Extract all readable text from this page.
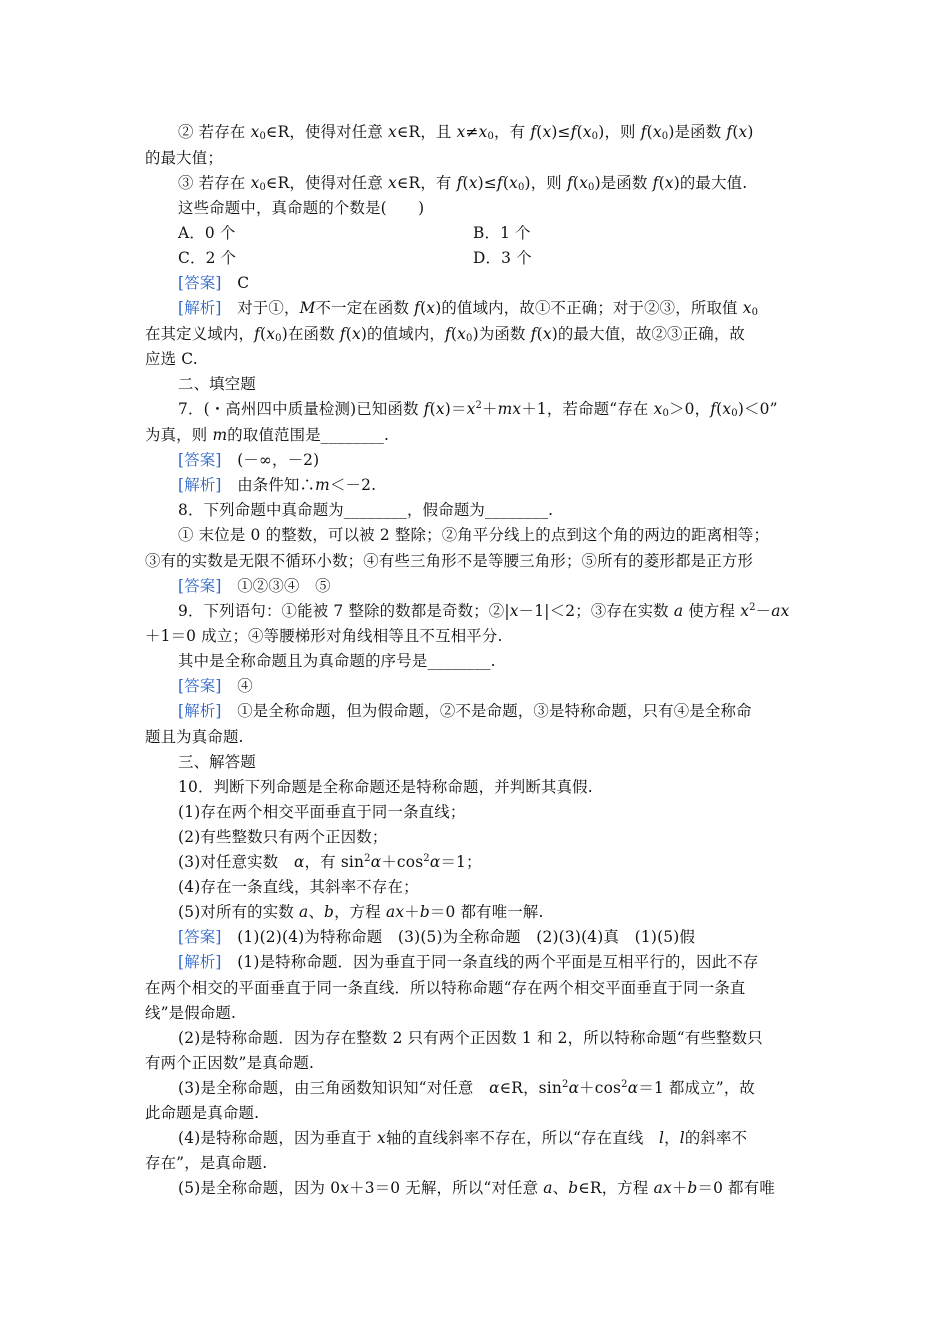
② 若存在 $x_0\in R$，使得对任意 x∈R，且 $x\ne x_0$，有 $f(x)\le f(x_0)$，则 $f(x_0)$是函数 f(x)
的最大值；
③ 若存在 $x_0\in R$，使得对任意 x∈R，有 $f(x)\le f(x_0)$，则 $f(x_0)$是函数 f(x)的最大值.
这些命题中，真命题的个数是(　　)
A．0 个	B．1 个
C．2 个	D．3 个
[答案]　 C
[解析]　 对于①，M不一定在函数 f(x)的值域内，故①不正确；对于②③，所取值 $x_0$
在其定义域内，$f(x_0)$在函数 f(x)的值域内，$f(x_0)$为函数 f(x)的最大值，故②③正确，故
应选 C.
二、填空题
7．(・高州四中质量检测)已知函数 $f(x)=x^2+mx+1$，若命题“存在 $x_0>0$，$f(x_0)<0$”
为真，则 m的取值范围是________.
[答案]　 (－∞，－2)
[解析]　 由条件知∴m＜－2.
8．下列命题中真命题为________，假命题为________.
① 末位是 0 的整数，可以被 2 整除；②角平分线上的点到这个角的两边的距离相等；
③有的实数是无限不循环小数；④有些三角形不是等腰三角形；⑤所有的菱形都是正方形
[答案]　 ①②③④　⑤
9．下列语句：①能被 7 整除的数都是奇数；②|x－1|＜2；③存在实数 a 使方程 $x^2-ax$
＋1＝0 成立；④等腰梯形对角线相等且不互相平分.
其中是全称命题且为真命题的序号是________.
[答案]　 ④
[解析]　 ①是全称命题，但为假命题，②不是命题，③是特称命题，只有④是全称命
题且为真命题.
三、解答题
10．判断下列命题是全称命题还是特称命题，并判断其真假.
(1)存在两个相交平面垂直于同一条直线；
(2)有些整数只有两个正因数；
(3)对任意实数　α，有 $\sin^2\alpha+\cos^2\alpha=1$；
(4)存在一条直线，其斜率不存在；
(5)对所有的实数 a、b，方程 ax＋b＝0 都有唯一解.
[答案]　 (1)(2)(4)为特称命题　(3)(5)为全称命题　(2)(3)(4)真　(1)(5)假
[解析]　 (1)是特称命题．因为垂直于同一条直线的两个平面是互相平行的，因此不存
在两个相交的平面垂直于同一条直线．所以特称命题“存在两个相交平面垂直于同一条直
线”是假命题.
(2)是特称命题．因为存在整数 2 只有两个正因数 1 和 2，所以特称命题“有些整数只
有两个正因数”是真命题.
(3)是全称命题，由三角函数知识知“对任意　α∈R，$\sin^2\alpha+\cos^2\alpha=1$ 都成立”，故
此命题是真命题.
(4)是特称命题，因为垂直于 x轴的直线斜率不存在，所以“存在直线　l，l的斜率不
存在”，是真命题.
(5)是全称命题，因为 0x＋3＝0 无解，所以“对任意 a、b∈R，方程 ax＋b＝0 都有唯
